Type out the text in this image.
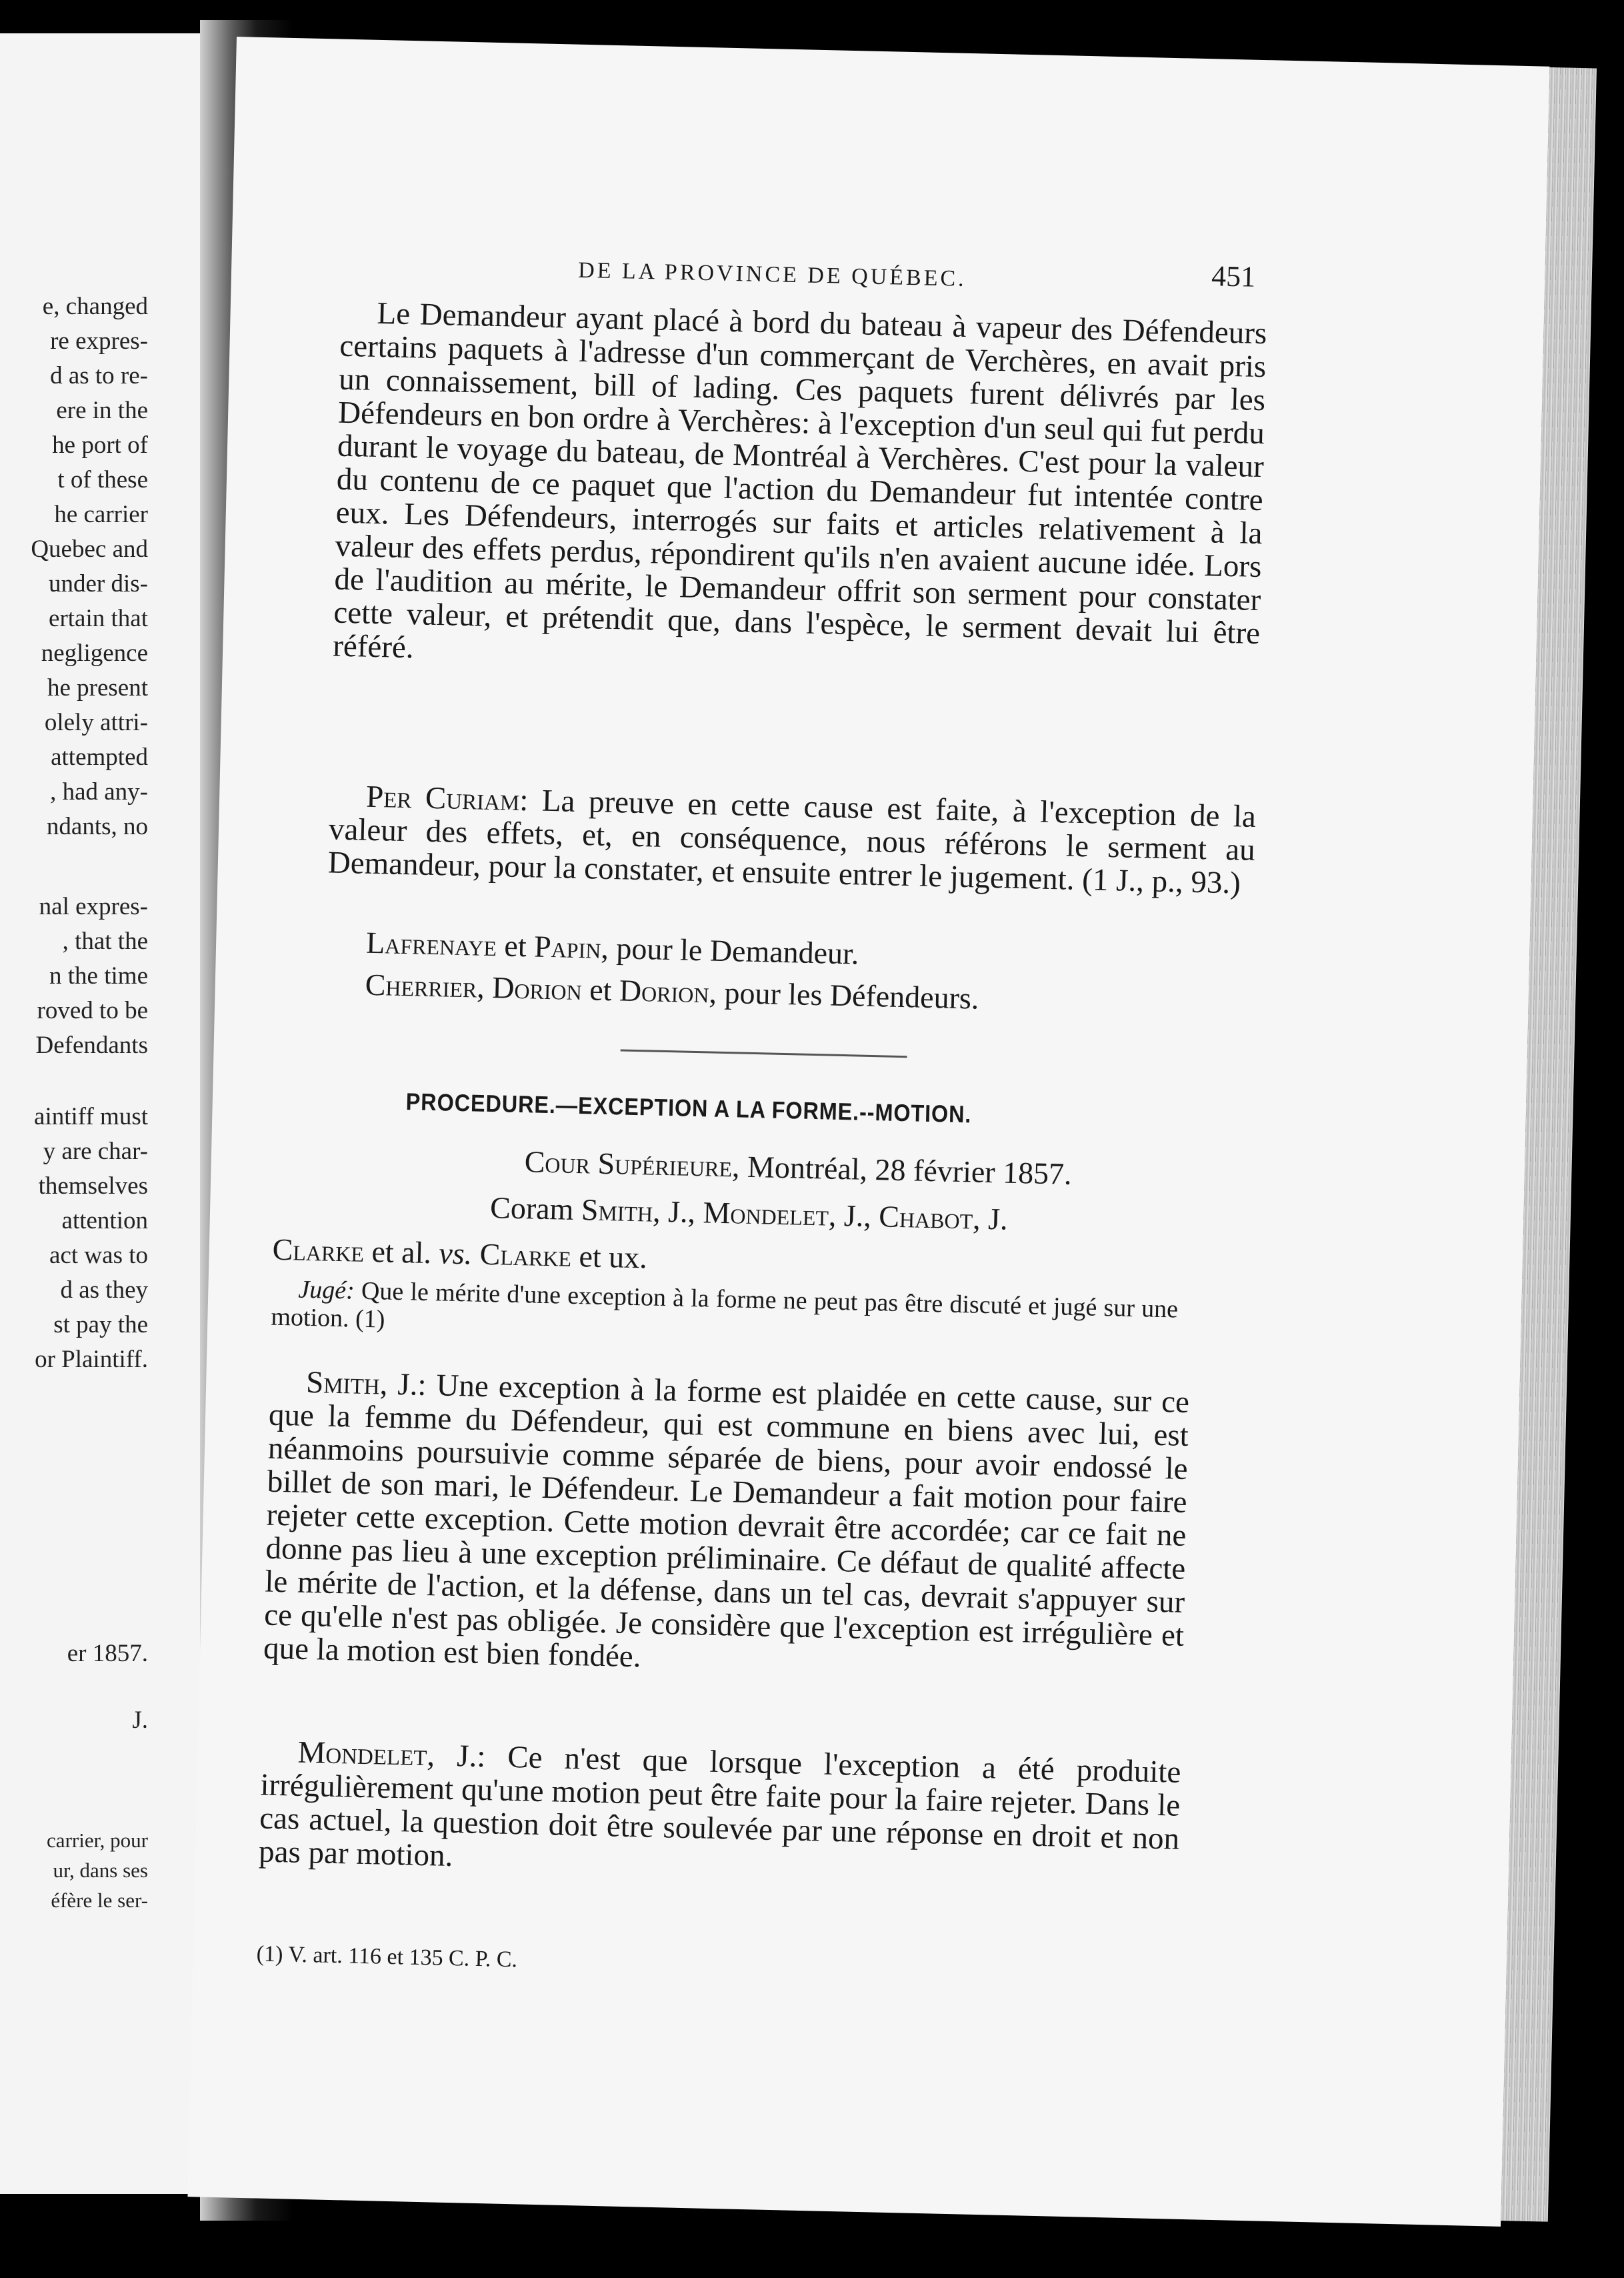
e, changed
re expres-
d as to re-
ere in the
he port of
t of these
he carrier
Quebec and
under dis-
ertain that
negligence
he present
olely attri-
attempted
, had any-
ndants, no
nal expres-
, that the
n the time
roved to be
Defendants
aintiff must
y are char-
themselves
attention
act was to
d as they
st pay the
or Plaintiff.
er 1857.
J.
carrier, pour
ur, dans ses
éfère le ser-
DE LA PROVINCE DE QUÉBEC.	451
Le Demandeur ayant placé à bord du bateau à vapeur des Défendeurs certains paquets à l'adresse d'un commerçant de Verchères, en avait pris un connaissement, bill of lading. Ces paquets furent délivrés par les Défendeurs en bon ordre à Verchères: à l'exception d'un seul qui fut perdu durant le voyage du bateau, de Montréal à Verchères. C'est pour la valeur du contenu de ce paquet que l'action du Demandeur fut intentée contre eux. Les Défendeurs, interrogés sur faits et articles relativement à la valeur des effets perdus, répondirent qu'ils n'en avaient aucune idée. Lors de l'audition au mérite, le Demandeur offrit son serment pour constater cette valeur, et prétendit que, dans l'espèce, le serment devait lui être référé.
Per Curiam: La preuve en cette cause est faite, à l'exception de la valeur des effets, et, en conséquence, nous référons le serment au Demandeur, pour la constater, et ensuite entrer le jugement. (1 J., p., 93.)
Lafrenaye et Papin, pour le Demandeur.
Cherrier, Dorion et Dorion, pour les Défendeurs.
PROCEDURE.—EXCEPTION A LA FORME.--MOTION.
Cour Supérieure, Montréal, 28 février 1857.
Coram Smith, J., Mondelet, J., Chabot, J.
Clarke et al. vs. Clarke et ux.
Jugé: Que le mérite d'une exception à la forme ne peut pas être discuté et jugé sur une motion. (1)
Smith, J.: Une exception à la forme est plaidée en cette cause, sur ce que la femme du Défendeur, qui est commune en biens avec lui, est néanmoins poursuivie comme séparée de biens, pour avoir endossé le billet de son mari, le Défendeur. Le Demandeur a fait motion pour faire rejeter cette exception. Cette motion devrait être accordée; car ce fait ne donne pas lieu à une exception préliminaire. Ce défaut de qualité affecte le mérite de l'action, et la défense, dans un tel cas, devrait s'appuyer sur ce qu'elle n'est pas obligée. Je considère que l'exception est irrégulière et que la motion est bien fondée.
Mondelet, J.: Ce n'est que lorsque l'exception a été produite irrégulièrement qu'une motion peut être faite pour la faire rejeter. Dans le cas actuel, la question doit être soulevée par une réponse en droit et non pas par motion.
(1) V. art. 116 et 135 C. P. C.
